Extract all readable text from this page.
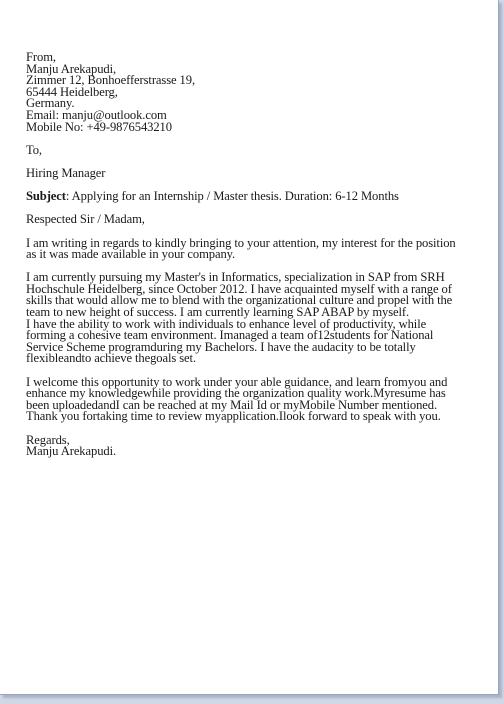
From,
Manju Arekapudi,
Zimmer 12, Bonhoefferstrasse 19,
65444 Heidelberg,
Germany.
Email: manju@outlook.com
Mobile No: +49-9876543210
To,
Hiring Manager
Subject: Applying for an Internship / Master thesis. Duration: 6-12 Months
Respected Sir / Madam,
I am writing in regards to kindly bringing to your attention, my interest for the position
as it was made available in your company.
I am currently pursuing my Master's in Informatics, specialization in SAP from SRH
Hochschule Heidelberg, since October 2012. I have acquainted myself with a range of
skills that would allow me to blend with the organizational culture and propel with the
team to new height of success. I am currently learning SAP ABAP by myself.
I have the ability to work with individuals to enhance level of productivity, while
forming a cohesive team environment. Imanaged a team of12students for National
Service Scheme programduring my Bachelors. I have the audacity to be totally
flexibleandto achieve thegoals set.
I welcome this opportunity to work under your able guidance, and learn fromyou and
enhance my knowledgewhile providing the organization quality work.Myresume has
been uploadedandI can be reached at my Mail Id or myMobile Number mentioned.
Thank you fortaking time to review myapplication.Ilook forward to speak with you.
Regards,
Manju Arekapudi.
